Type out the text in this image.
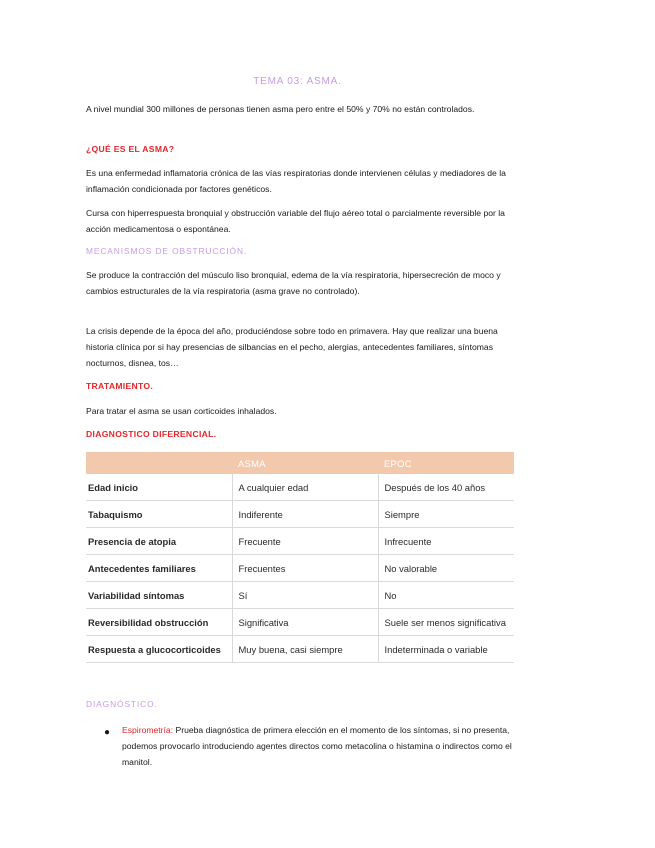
TEMA 03: ASMA.

A nivel mundial 300 millones de personas tienen asma pero entre el 50% y 70% no están controlados.

¿QUÉ ES EL ASMA?

Es una enfermedad inflamatoria crónica de las vías respiratorias donde intervienen células y mediadores de la inflamación condicionada por factores genéticos.

Cursa con hiperrespuesta bronquial y obstrucción variable del flujo aéreo total o parcialmente reversible por la acción medicamentosa o espontánea.

MECANISMOS DE OBSTRUCCIÓN.

Se produce la contracción del músculo liso bronquial, edema de la vía respiratoria, hipersecreción de moco y cambios estructurales de la vía respiratoria (asma grave no controlado).

La crisis depende de la época del año, produciéndose sobre todo en primavera. Hay que realizar una buena historia clínica por si hay presencias de silbancias en el pecho, alergias, antecedentes familiares, síntomas nocturnos, disnea, tos…

TRATAMIENTO.

Para tratar el asma se usan corticoides inhalados.

DIAGNOSTICO DIFERENCIAL.
	ASMA	EPOC
Edad inicio	A cualquier edad	Después de los 40 años
Tabaquismo	Indiferente	Siempre
Presencia de atopia	Frecuente	Infrecuente
Antecedentes familiares	Frecuentes	No valorable
Variabilidad síntomas	Sí	No
Reversibilidad obstrucción	Significativa	Suele ser menos significativa
Respuesta a glucocorticoides	Muy buena, casi siempre	Indeterminada o variable
DIAGNÓSTICO.
● Espirometría: Prueba diagnóstica de primera elección en el momento de los síntomas, si no presenta, podemos provocarlo introduciendo agentes directos como metacolina o histamina o indirectos como el manitol.
